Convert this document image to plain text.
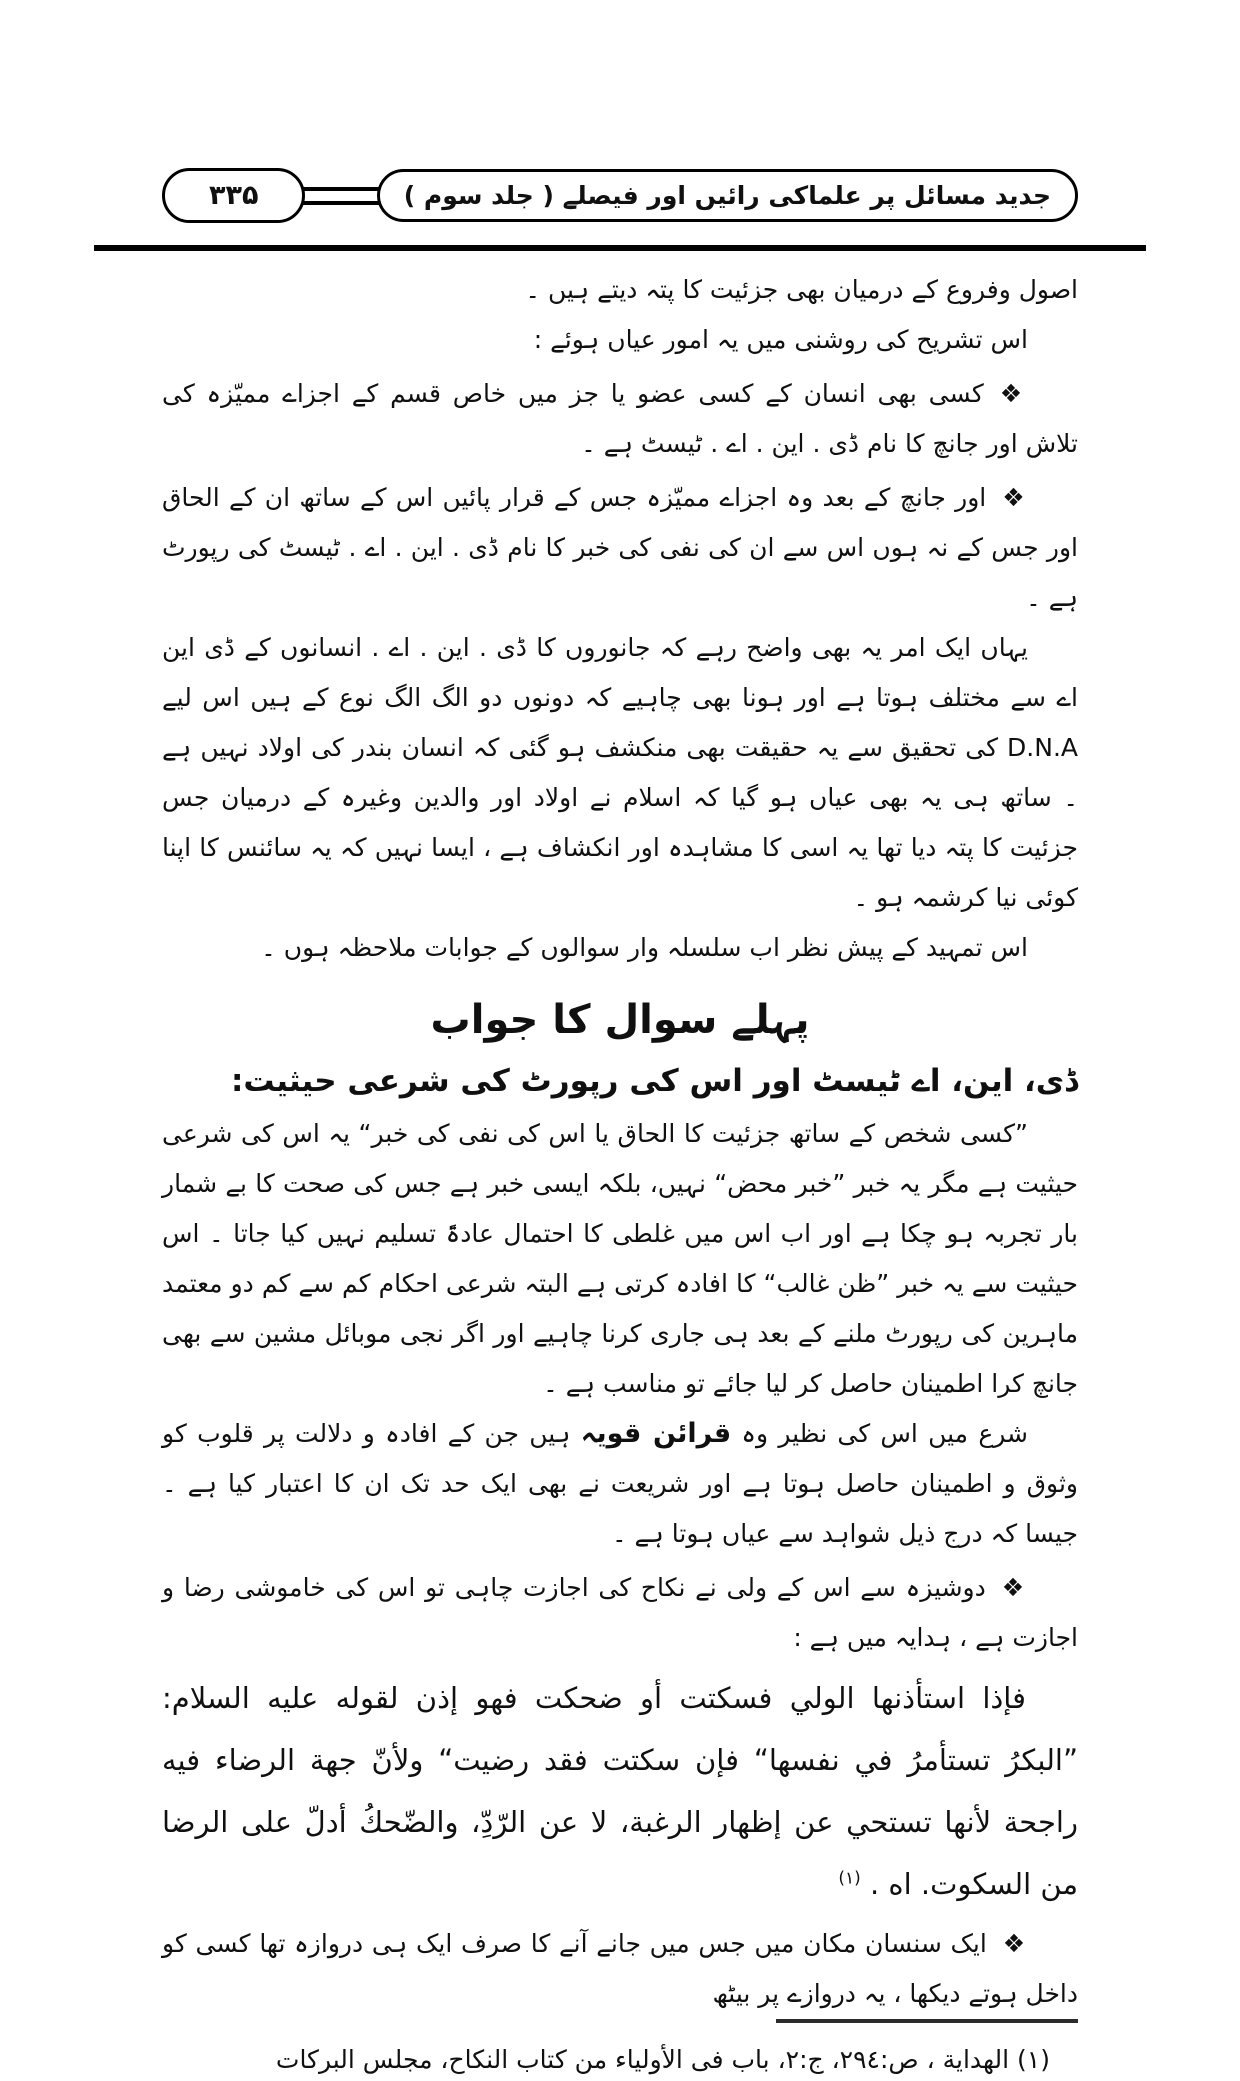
جدید مسائل پر علماکی رائیں اور فیصلے ( جلد سوم )
۳۳۵

اصول وفروع کے درمیان بھی جزئیت کا پتہ دیتے ہیں ۔

اس تشریح کی روشنی میں یہ امور عیاں ہوئے :

❖کسی بھی انسان کے کسی عضو یا جز میں خاص قسم کے اجزاے ممیّزہ کی تلاش اور جانچ کا نام ڈی . این . اے . ٹیسٹ ہے ۔

❖اور جانچ کے بعد وہ اجزاے ممیّزہ جس کے قرار پائیں اس کے ساتھ ان کے الحاق اور جس کے نہ ہوں اس سے ان کی نفی کی خبر کا نام ڈی . این . اے . ٹیسٹ کی رپورٹ ہے ۔

یہاں ایک امر یہ بھی واضح رہے کہ جانوروں کا ڈی . این . اے . انسانوں کے ڈی این اے سے مختلف ہوتا ہے اور ہونا بھی چاہیے کہ دونوں دو الگ الگ نوع کے ہیں اس لیے D.N.A کی تحقیق سے یہ حقیقت بھی منکشف ہو گئی کہ انسان بندر کی اولاد نہیں ہے ۔ ساتھ ہی یہ بھی عیاں ہو گیا کہ اسلام نے اولاد اور والدین وغیرہ کے درمیان جس جزئیت کا پتہ دیا تھا یہ اسی کا مشاہدہ اور انکشاف ہے ، ایسا نہیں کہ یہ سائنس کا اپنا کوئی نیا کرشمہ ہو ۔

اس تمہید کے پیش نظر اب سلسلہ وار سوالوں کے جوابات ملاحظہ ہوں ۔

پہلے سوال کا جواب

ڈی، این، اے ٹیسٹ اور اس کی رپورٹ کی شرعی حیثیت:

”کسی شخص کے ساتھ جزئیت کا الحاق یا اس کی نفی کی خبر“ یہ اس کی شرعی حیثیت ہے مگر یہ خبر ”خبر محض“ نہیں، بلکہ ایسی خبر ہے جس کی صحت کا بے شمار بار تجربہ ہو چکا ہے اور اب اس میں غلطی کا احتمال عادۃً تسلیم نہیں کیا جاتا ۔ اس حیثیت سے یہ خبر ”ظن غالب“ کا افادہ کرتی ہے البتہ شرعی احکام کم سے کم دو معتمد ماہرین کی رپورٹ ملنے کے بعد ہی جاری کرنا چاہیے اور اگر نجی موبائل مشین سے بھی جانچ کرا اطمینان حاصل کر لیا جائے تو مناسب ہے ۔

شرع میں اس کی نظیر وہ قرائن قویہ ہیں جن کے افادہ و دلالت پر قلوب کو وثوق و اطمینان حاصل ہوتا ہے اور شریعت نے بھی ایک حد تک ان کا اعتبار کیا ہے ۔ جیسا کہ درج ذیل شواہد سے عیاں ہوتا ہے ۔

❖دوشیزہ سے اس کے ولی نے نکاح کی اجازت چاہی تو اس کی خاموشی رضا و اجازت ہے ، ہدایہ میں ہے :

فإذا استأذنها الولي فسكتت أو ضحكت فهو إذن لقوله عليه السلام: ”البكرُ تستأمرُ في نفسها“ فإن سكتت فقد رضيت“ ولأنّ جهة الرضاء فيه راجحة لأنها تستحي عن إظهار الرغبة، لا عن الرّدِّ، والضّحكُ أدلّ على الرضا من السكوت. اه . $^{(١)}$

❖ایک سنسان مکان میں جس میں جانے آنے کا صرف ایک ہی دروازہ تھا کسی کو داخل ہوتے دیکھا ، یہ دروازے پر بیٹھ

(١) الهداية ، ص:٢٩٤، ج:٢، باب فى الأولياء من كتاب النكاح، مجلس البركات
